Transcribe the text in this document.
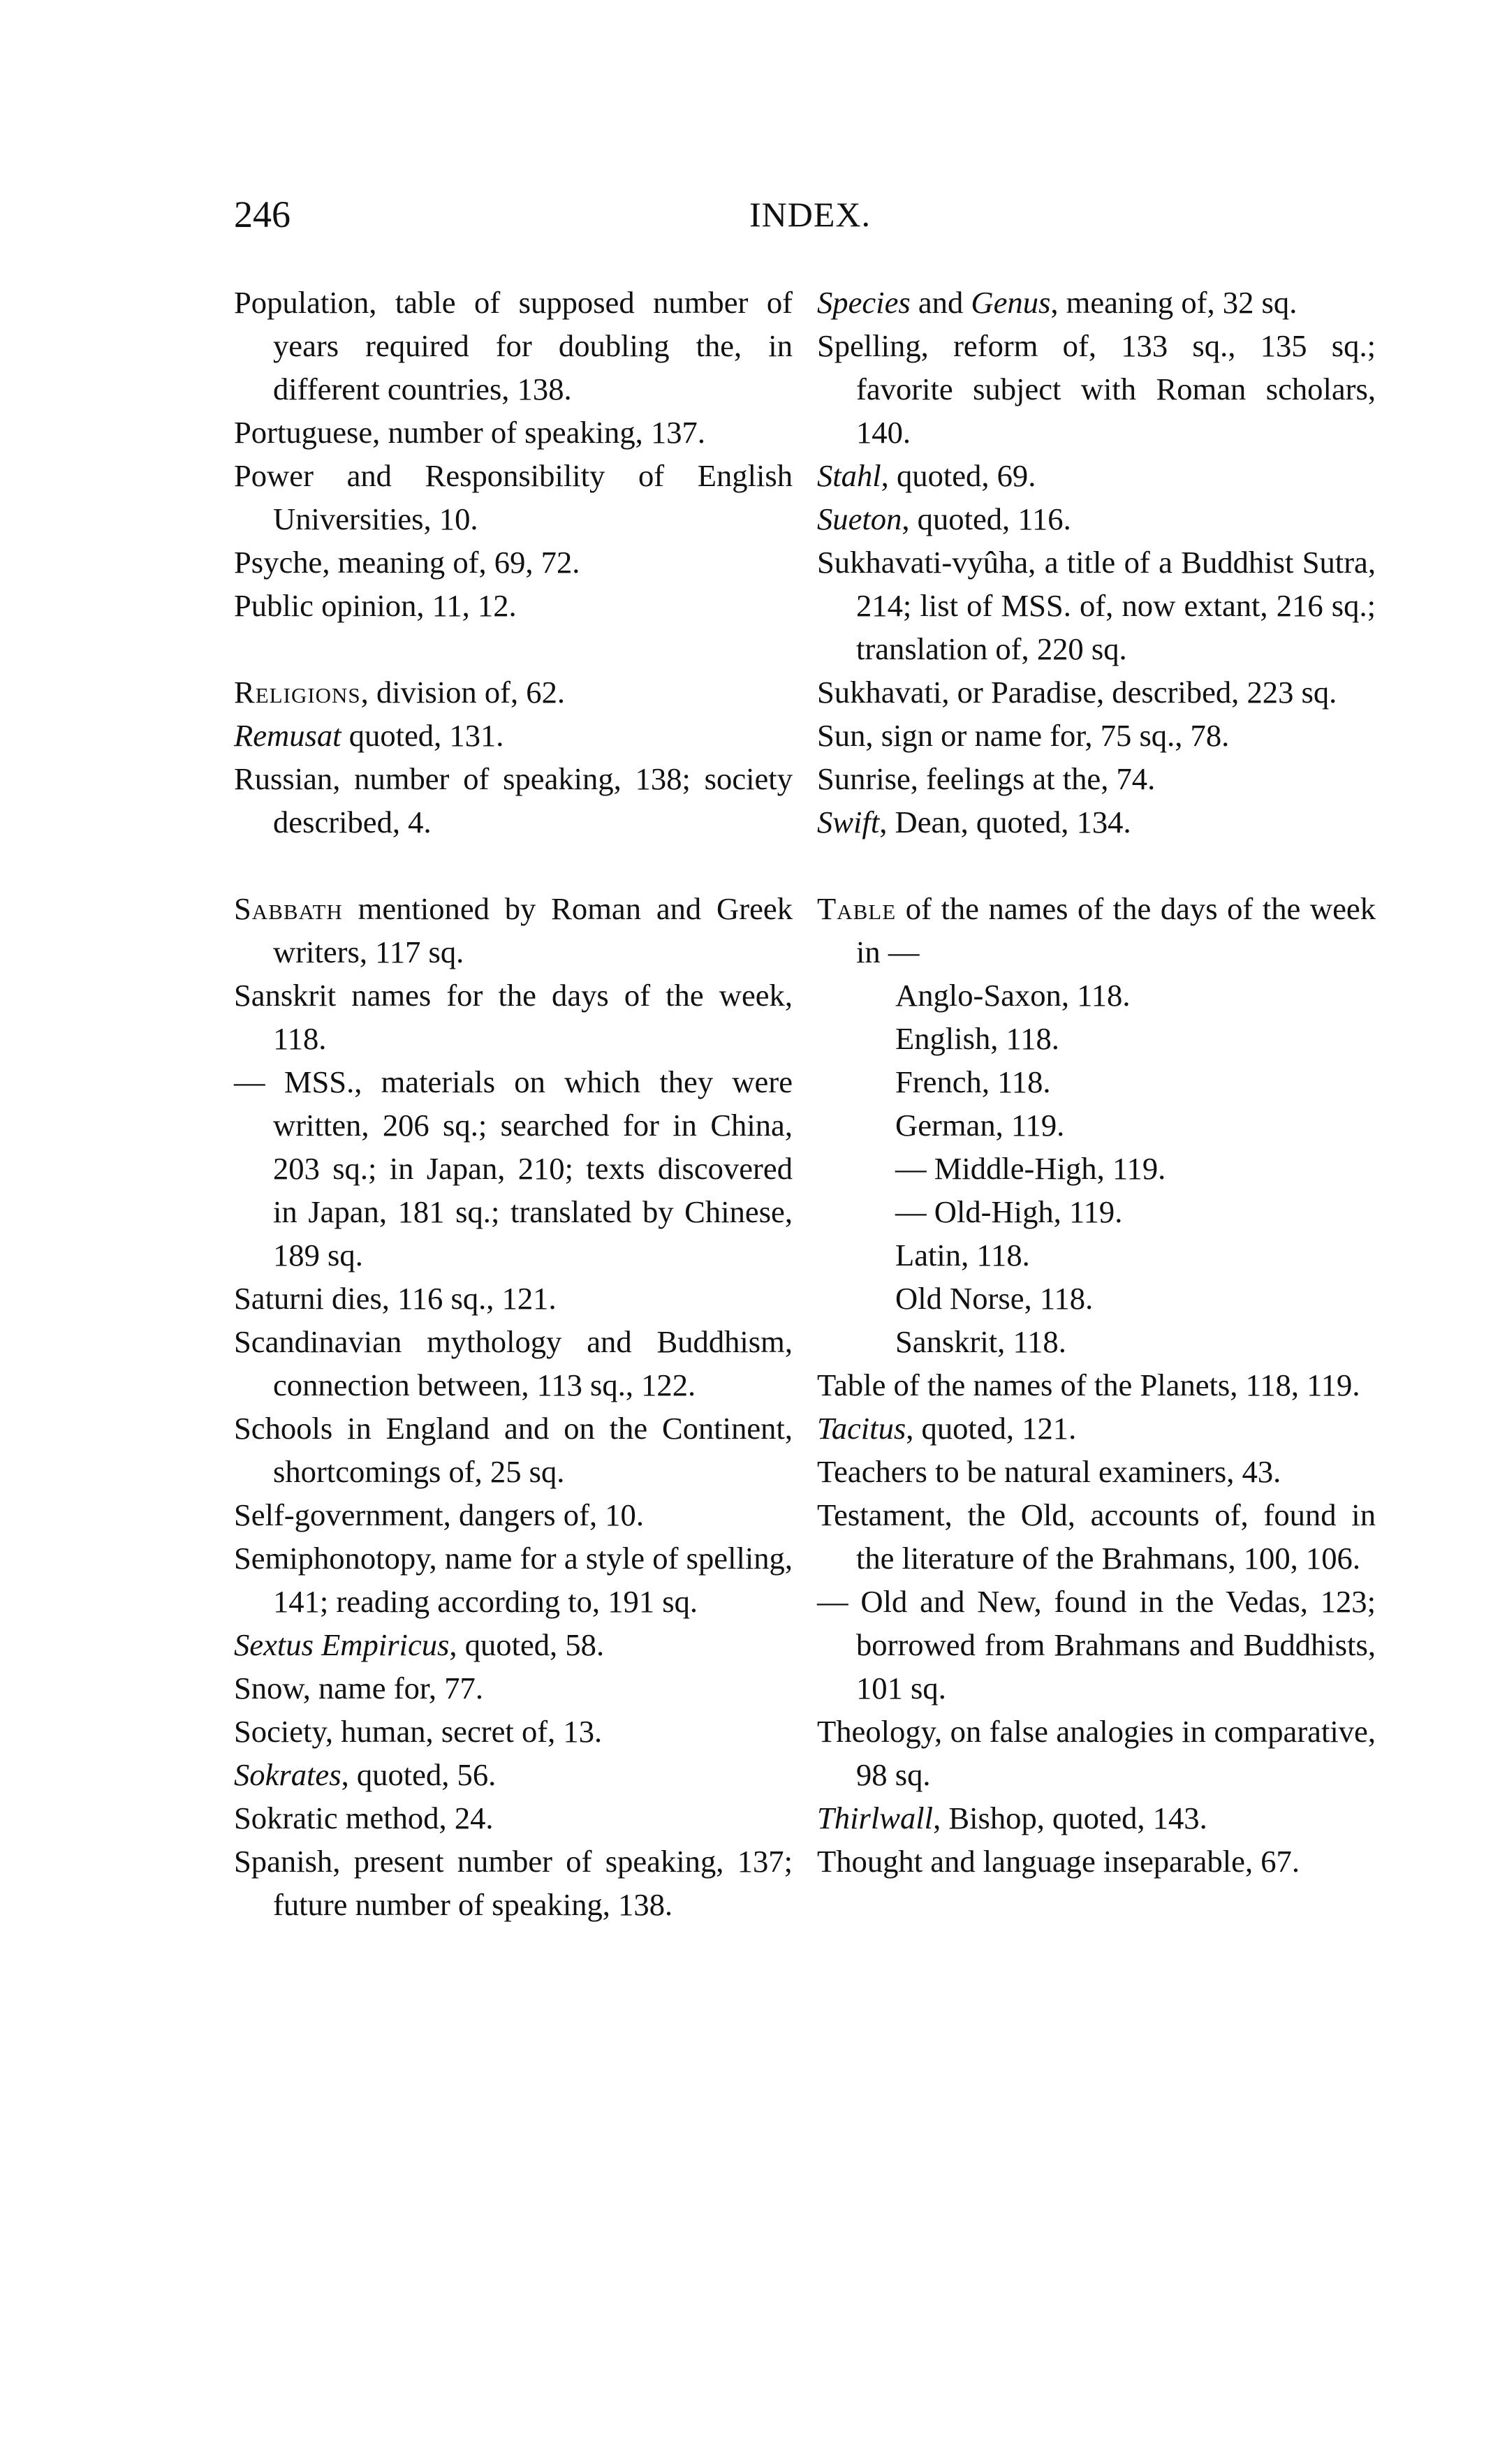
246	INDEX.
Population, table of supposed number of years required for doubling the, in different countries, 138.
Portuguese, number of speaking, 137.
Power and Responsibility of English Universities, 10.
Psyche, meaning of, 69, 72.
Public opinion, 11, 12.
Religions, division of, 62.
Remusat quoted, 131.
Russian, number of speaking, 138; society described, 4.
Sabbath mentioned by Roman and Greek writers, 117 sq.
Sanskrit names for the days of the week, 118.
— MSS., materials on which they were written, 206 sq.; searched for in China, 203 sq.; in Japan, 210; texts discovered in Japan, 181 sq.; translated by Chinese, 189 sq.
Saturni dies, 116 sq., 121.
Scandinavian mythology and Buddhism, connection between, 113 sq., 122.
Schools in England and on the Continent, shortcomings of, 25 sq.
Self-government, dangers of, 10.
Semiphonotopy, name for a style of spelling, 141; reading according to, 191 sq.
Sextus Empiricus, quoted, 58.
Snow, name for, 77.
Society, human, secret of, 13.
Sokrates, quoted, 56.
Sokratic method, 24.
Spanish, present number of speaking, 137; future number of speaking, 138.
Species and Genus, meaning of, 32 sq.
Spelling, reform of, 133 sq., 135 sq.; favorite subject with Roman scholars, 140.
Stahl, quoted, 69.
Sueton, quoted, 116.
Sukhavati-vyûha, a title of a Buddhist Sutra, 214; list of MSS. of, now extant, 216 sq.; translation of, 220 sq.
Sukhavati, or Paradise, described, 223 sq.
Sun, sign or name for, 75 sq., 78.
Sunrise, feelings at the, 74.
Swift, Dean, quoted, 134.
Table of the names of the days of the week in —
Anglo-Saxon, 118.
English, 118.
French, 118.
German, 119.
— Middle-High, 119.
— Old-High, 119.
Latin, 118.
Old Norse, 118.
Sanskrit, 118.
Table of the names of the Planets, 118, 119.
Tacitus, quoted, 121.
Teachers to be natural examiners, 43.
Testament, the Old, accounts of, found in the literature of the Brahmans, 100, 106.
— Old and New, found in the Vedas, 123; borrowed from Brahmans and Buddhists, 101 sq.
Theology, on false analogies in comparative, 98 sq.
Thirlwall, Bishop, quoted, 143.
Thought and language inseparable, 67.
